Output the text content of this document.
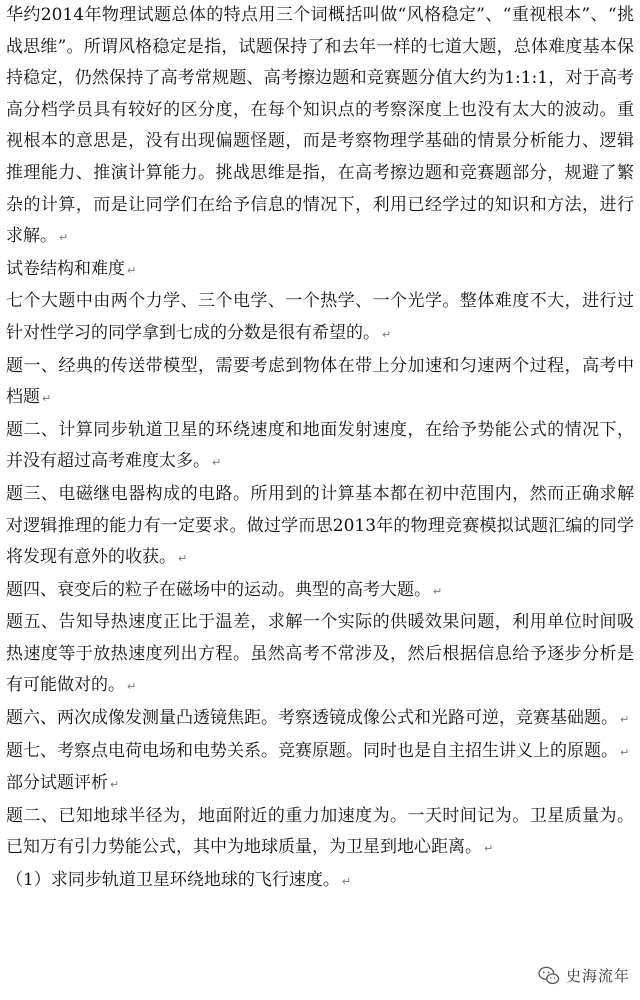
华约2014年物理试题总体的特点用三个词概括叫做“风格稳定”、“重视根本”、“挑战思维”。所谓风格稳定是指，试题保持了和去年一样的七道大题，总体难度基本保持稳定，仍然保持了高考常规题、高考擦边题和竞赛题分值大约为1:1:1，对于高考高分档学员具有较好的区分度，在每个知识点的考察深度上也没有太大的波动。重视根本的意思是，没有出现偏题怪题，而是考察物理学基础的情景分析能力、逻辑推理能力、推演计算能力。挑战思维是指，在高考擦边题和竞赛题部分，规避了繁杂的计算，而是让同学们在给予信息的情况下，利用已经学过的知识和方法，进行求解。 ↵

试卷结构和难度 ↵

七个大题中由两个力学、三个电学、一个热学、一个光学。整体难度不大，进行过针对性学习的同学拿到七成的分数是很有希望的。 ↵

题一、经典的传送带模型，需要考虑到物体在带上分加速和匀速两个过程，高考中档题 ↵

题二、计算同步轨道卫星的环绕速度和地面发射速度，在给予势能公式的情况下，并没有超过高考难度太多。 ↵

题三、电磁继电器构成的电路。所用到的计算基本都在初中范围内，然而正确求解对逻辑推理的能力有一定要求。做过学而思2013年的物理竞赛模拟试题汇编的同学将发现有意外的收获。 ↵

题四、衰变后的粒子在磁场中的运动。典型的高考大题。 ↵

题五、告知导热速度正比于温差，求解一个实际的供暖效果问题，利用单位时间吸热速度等于放热速度列出方程。虽然高考不常涉及，然后根据信息给予逐步分析是有可能做对的。 ↵

题六、两次成像发测量凸透镜焦距。考察透镜成像公式和光路可逆，竞赛基础题。 ↵

题七、考察点电荷电场和电势关系。竞赛原题。同时也是自主招生讲义上的原题。 ↵

部分试题评析 ↵

题二、已知地球半径为，地面附近的重力加速度为。一天时间记为。卫星质量为。已知万有引力势能公式，其中为地球质量，为卫星到地心距离。 ↵

（1）求同步轨道卫星环绕地球的飞行速度。 ↵

史海流年
